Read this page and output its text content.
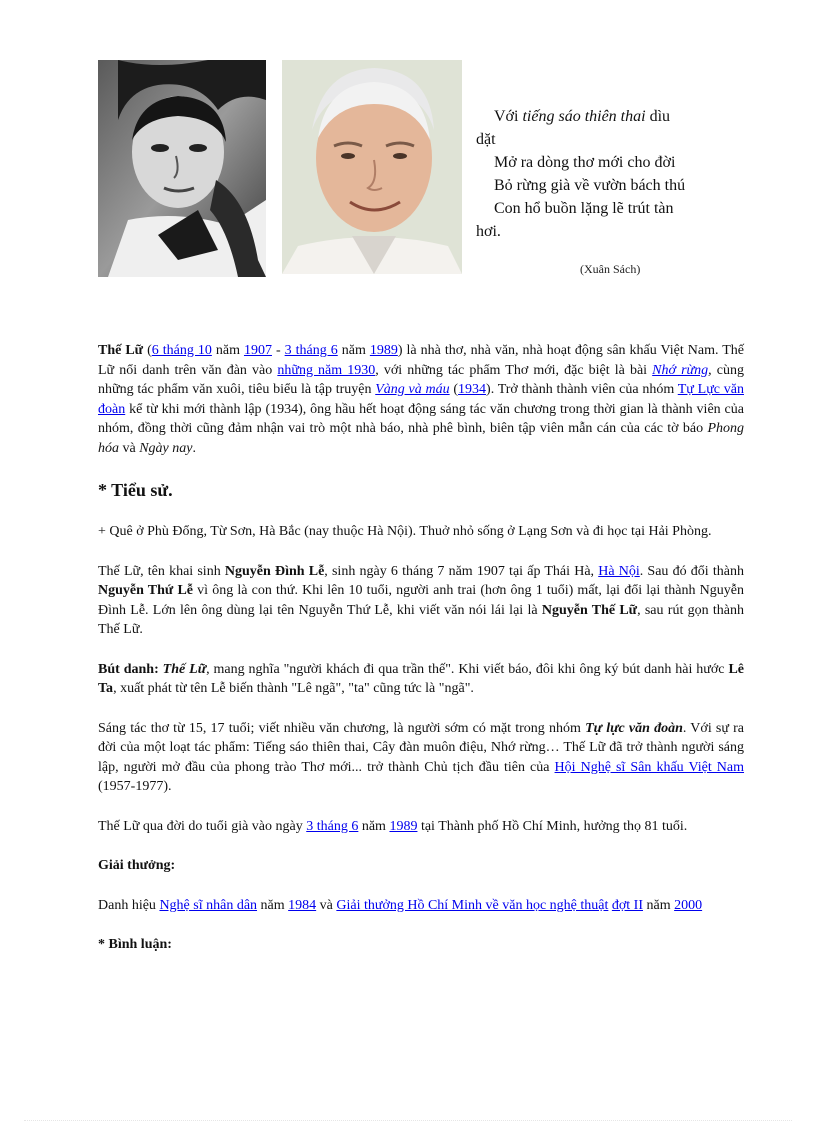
Với tiếng sáo thiên thai dìu
dặt
Mở ra dòng thơ mới cho đời
Bỏ rừng già về vườn bách thú
Con hổ buồn lặng lẽ trút tàn
hơi.
(Xuân Sách)

Thế Lữ (6 tháng 10 năm 1907 - 3 tháng 6 năm 1989) là nhà thơ, nhà văn, nhà hoạt động sân khấu Việt Nam. Thế Lữ nổi danh trên văn đàn vào những năm 1930, với những tác phẩm Thơ mới, đặc biệt là bài Nhớ rừng, cùng những tác phẩm văn xuôi, tiêu biểu là tập truyện Vàng và máu (1934). Trở thành thành viên của nhóm Tự Lực văn đoàn kể từ khi mới thành lập (1934), ông hầu hết hoạt động sáng tác văn chương trong thời gian là thành viên của nhóm, đồng thời cũng đảm nhận vai trò một nhà báo, nhà phê bình, biên tập viên mẫn cán của các tờ báo Phong hóa và Ngày nay.

* Tiểu sử.

+ Quê ở Phù Đổng, Từ Sơn, Hà Bắc (nay thuộc Hà Nội). Thuở nhỏ sống ở Lạng Sơn và đi học tại Hải Phòng.

Thế Lữ, tên khai sinh Nguyễn Đình Lễ, sinh ngày 6 tháng 7 năm 1907 tại ấp Thái Hà, Hà Nội. Sau đó đổi thành Nguyễn Thứ Lễ vì ông là con thứ. Khi lên 10 tuổi, người anh trai (hơn ông 1 tuổi) mất, lại đổi lại thành Nguyễn Đình Lễ. Lớn lên ông dùng lại tên Nguyễn Thứ Lễ, khi viết văn nói lái lại là Nguyễn Thế Lữ, sau rút gọn thành Thế Lữ.

Bút danh: Thế Lữ, mang nghĩa "người khách đi qua trần thế". Khi viết báo, đôi khi ông ký bút danh hài hước Lê Ta, xuất phát từ tên Lễ biến thành "Lê ngã", "ta" cũng tức là "ngã".

Sáng tác thơ từ 15, 17 tuổi; viết nhiều văn chương, là người sớm có mặt trong nhóm Tự lực văn đoàn. Với sự ra đời của một loạt tác phẩm: Tiếng sáo thiên thai, Cây đàn muôn điệu, Nhớ rừng… Thế Lữ đã trở thành người sáng lập, người mở đầu của phong trào Thơ mới... trở thành Chủ tịch đầu tiên của Hội Nghệ sĩ Sân khấu Việt Nam (1957-1977).

Thế Lữ qua đời do tuổi già vào ngày 3 tháng 6 năm 1989 tại Thành phố Hồ Chí Minh, hưởng thọ 81 tuổi.

Giải thưởng:

Danh hiệu Nghệ sĩ nhân dân năm 1984 và Giải thưởng Hồ Chí Minh về văn học nghệ thuật đợt II năm 2000

* Bình luận:
